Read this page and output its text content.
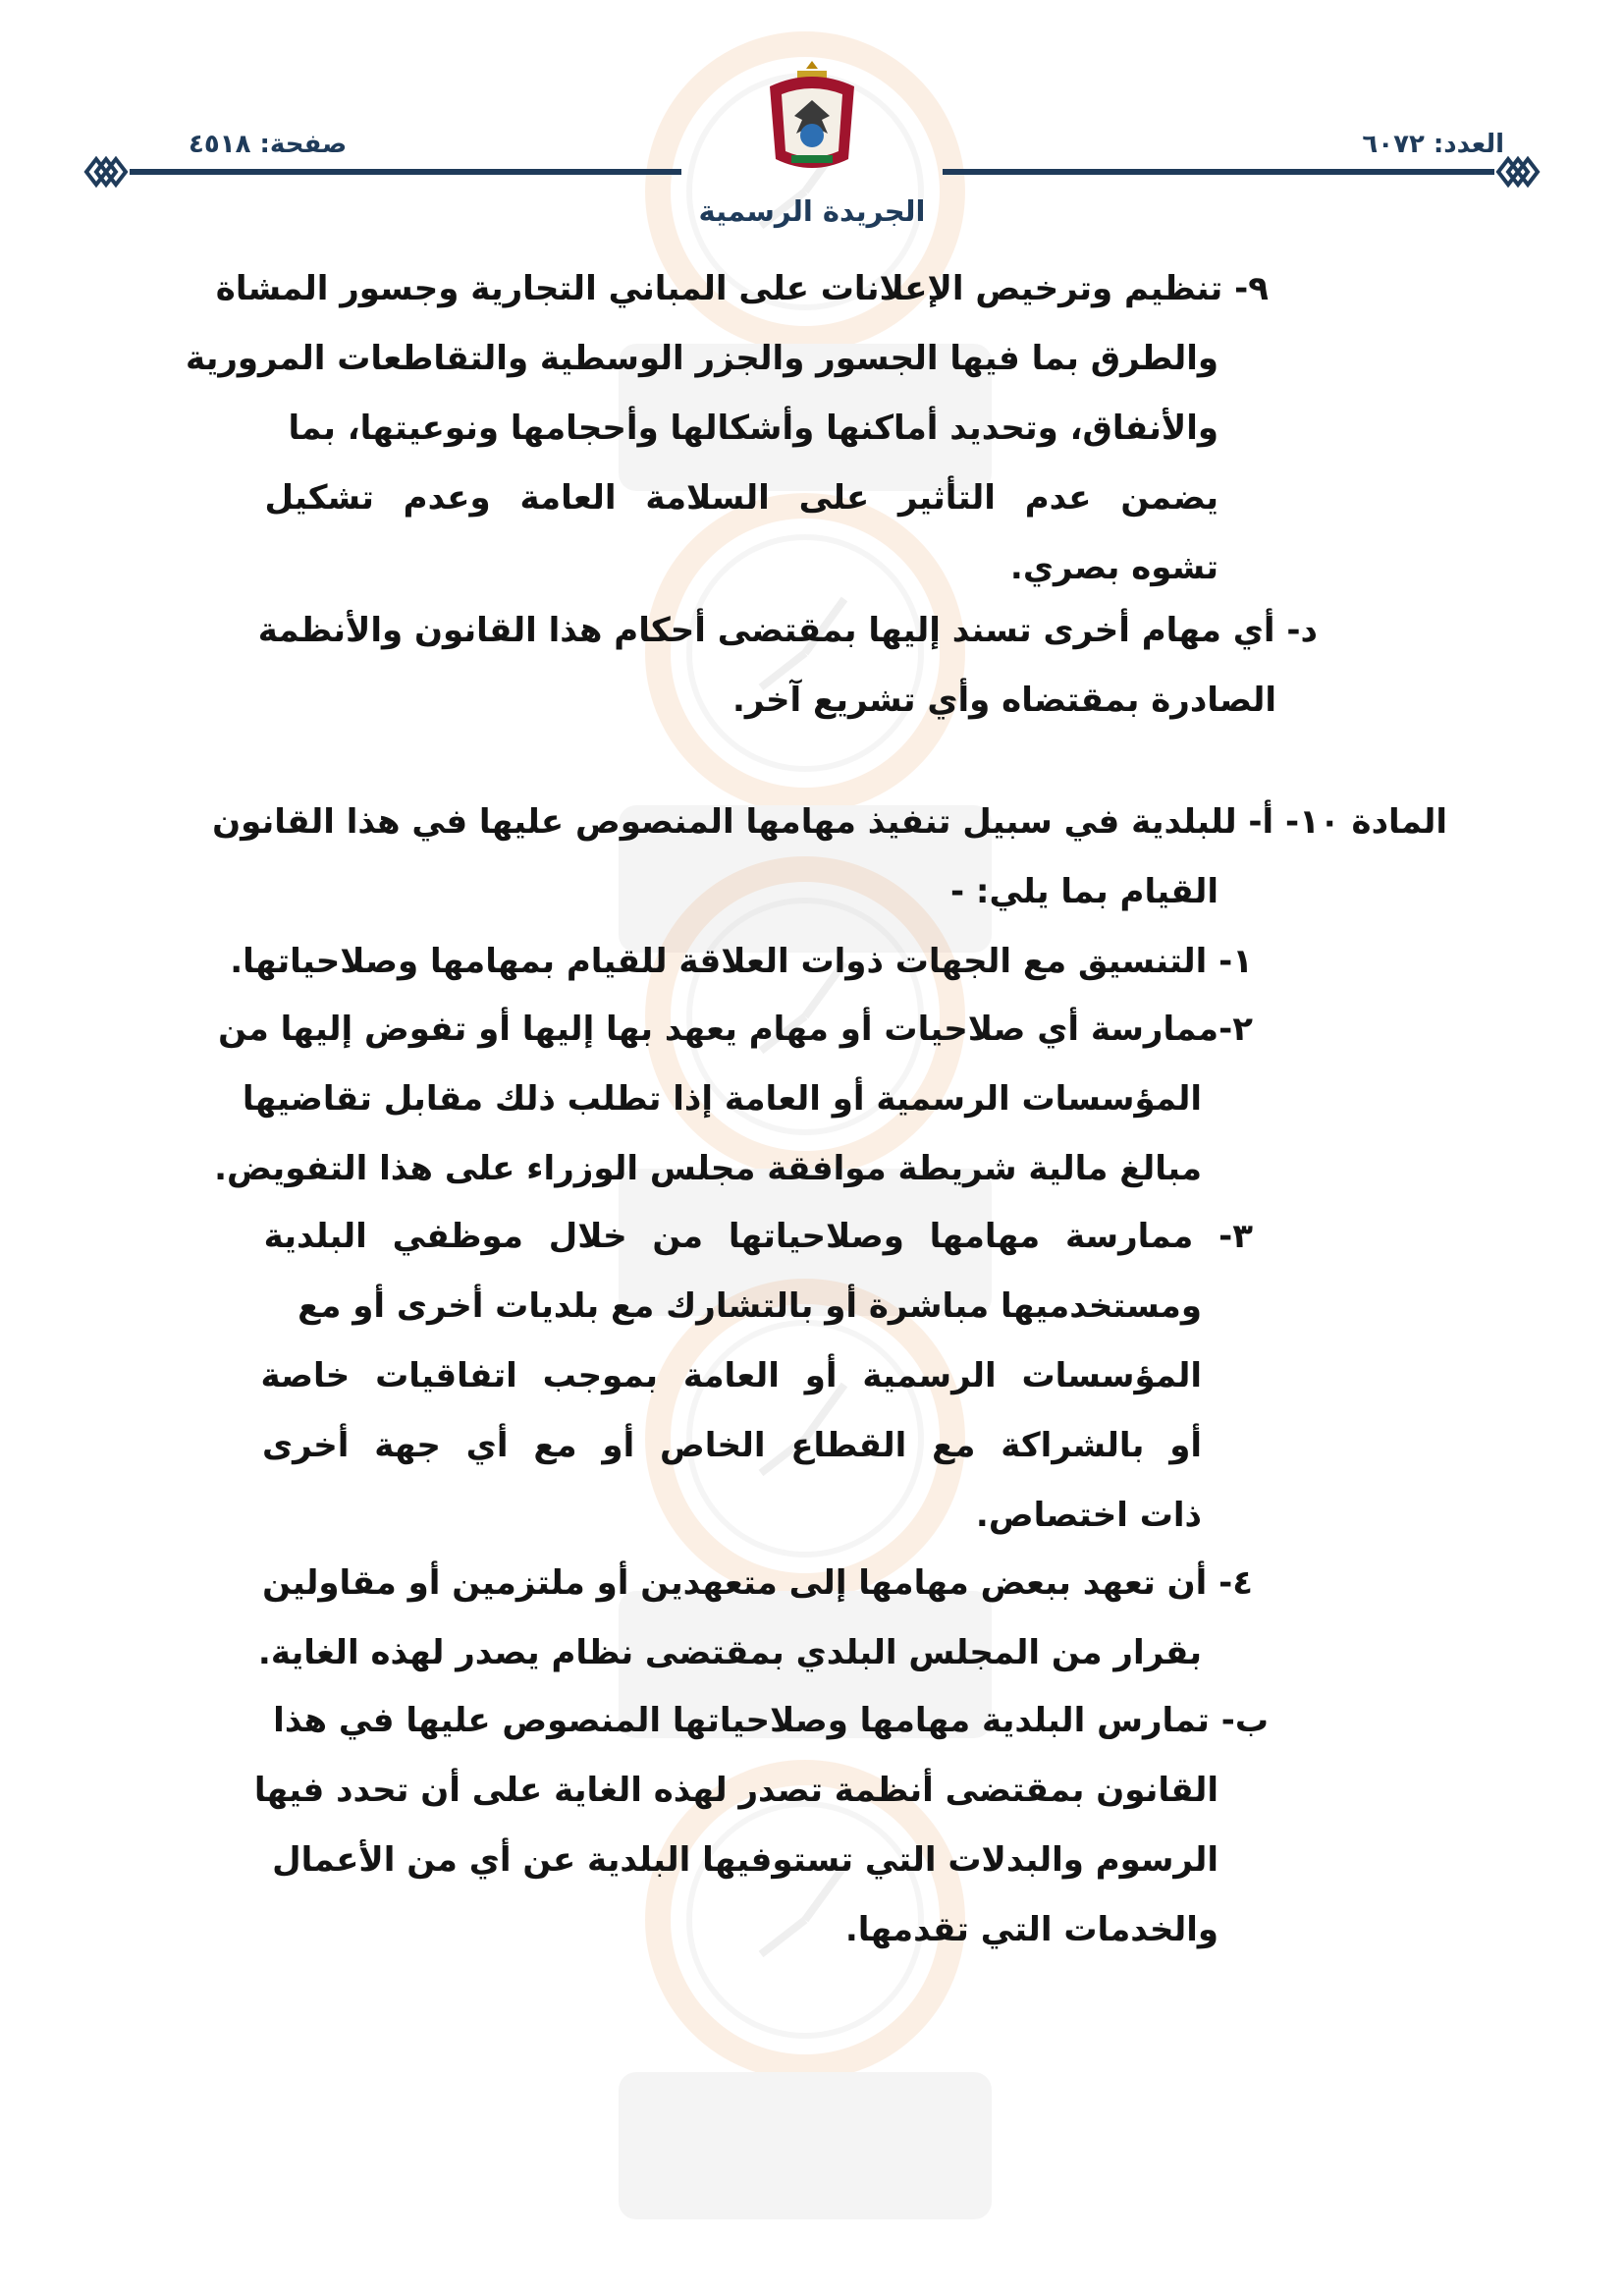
العدد: ٦٠٧٢
صفحة: ٤٥١٨
الجريدة الرسمية
٩- تنظيم وترخيص الإعلانات على المباني التجارية وجسور المشاة
والطرق بما فيها الجسور والجزر الوسطية والتقاطعات المرورية
والأنفاق، وتحديد أماكنها وأشكالها وأحجامها ونوعيتها، بما
يضمن عدم التأثير على السلامة العامة وعدم تشكيل
تشوه بصري.
د- أي مهام أخرى تسند إليها بمقتضى أحكام هذا القانون والأنظمة
الصادرة بمقتضاه وأي تشريع آخر.
المادة ١٠- أ- للبلدية في سبيل تنفيذ مهامها المنصوص عليها في هذا القانون
القيام بما يلي: -
١- التنسيق مع الجهات ذوات العلاقة للقيام بمهامها وصلاحياتها.
٢-ممارسة أي صلاحيات أو مهام يعهد بها إليها أو تفوض إليها من
المؤسسات الرسمية أو العامة إذا تطلب ذلك مقابل تقاضيها
مبالغ مالية شريطة موافقة مجلس الوزراء على هذا التفويض.
٣- ممارسة مهامها وصلاحياتها من خلال موظفي البلدية
ومستخدميها مباشرة أو بالتشارك مع بلديات أخرى أو مع
المؤسسات الرسمية أو العامة بموجب اتفاقيات خاصة
أو بالشراكة مع القطاع الخاص أو مع أي جهة أخرى
ذات اختصاص.
٤- أن تعهد ببعض مهامها إلى متعهدين أو ملتزمين أو مقاولين
بقرار من المجلس البلدي بمقتضى نظام يصدر لهذه الغاية.
ب- تمارس البلدية مهامها وصلاحياتها المنصوص عليها في هذا
القانون بمقتضى أنظمة تصدر لهذه الغاية على أن تحدد فيها
الرسوم والبدلات التي تستوفيها البلدية عن أي من الأعمال
والخدمات التي تقدمها.
